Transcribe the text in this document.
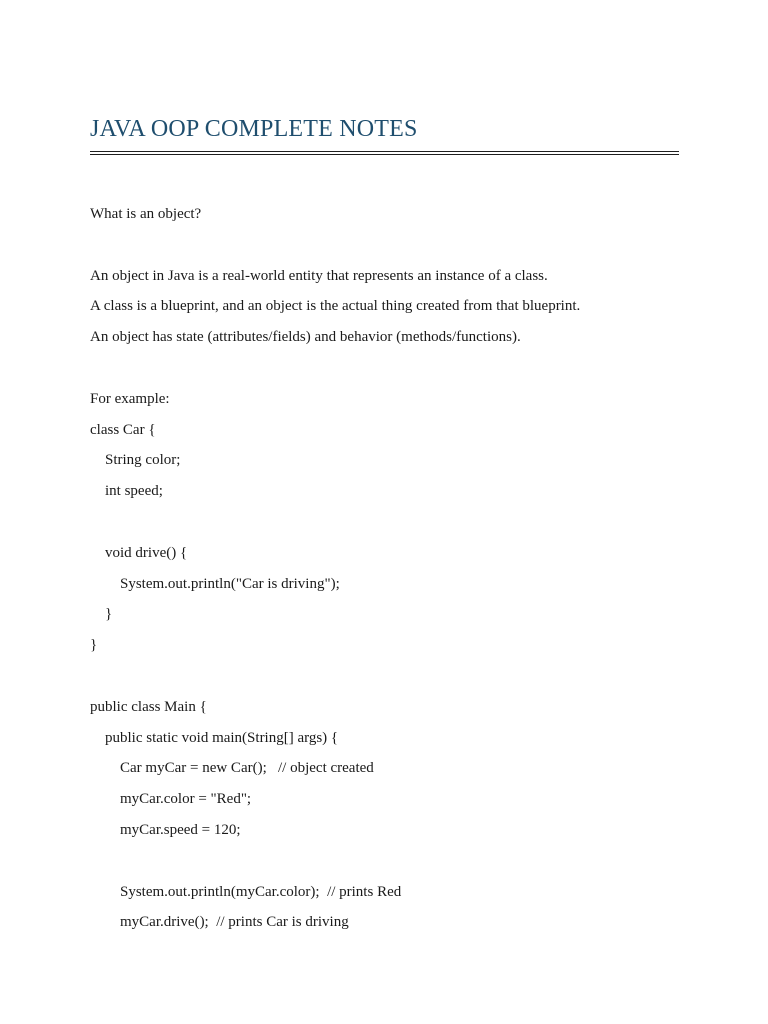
JAVA OOP COMPLETE NOTES
What is an object?
An object in Java is a real-world entity that represents an instance of a class.
A class is a blueprint, and an object is the actual thing created from that blueprint.
An object has state (attributes/fields) and behavior (methods/functions).
For example:
class Car {
String color;
int speed;
void drive() {
System.out.println("Car is driving");
}
}
public class Main {
public static void main(String[] args) {
Car myCar = new Car();   // object created
myCar.color = "Red";
myCar.speed = 120;
System.out.println(myCar.color);  // prints Red
myCar.drive();  // prints Car is driving
